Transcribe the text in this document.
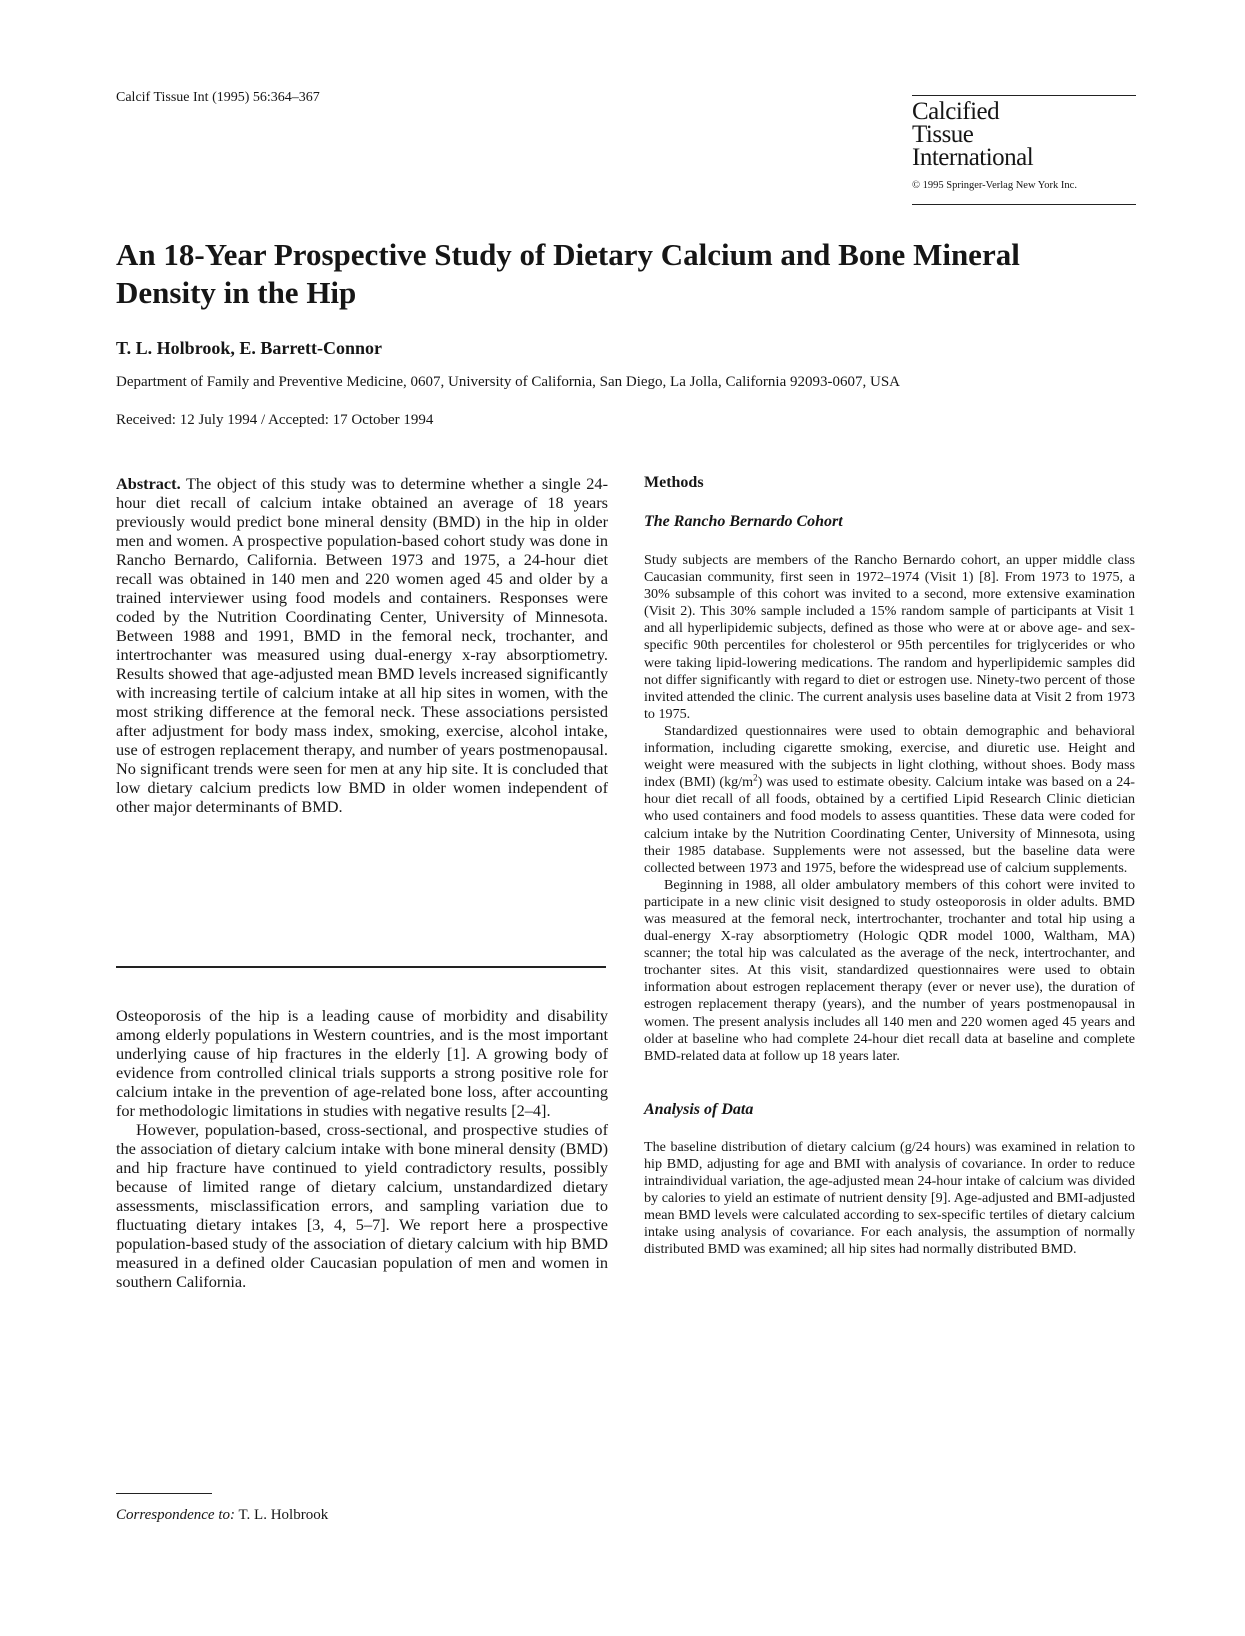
Calcif Tissue Int (1995) 56:364–367
Calcified
Tissue
International
© 1995 Springer-Verlag New York Inc.
An 18-Year Prospective Study of Dietary Calcium and Bone Mineral Density in the Hip
T. L. Holbrook, E. Barrett-Connor
Department of Family and Preventive Medicine, 0607, University of California, San Diego, La Jolla, California 92093-0607, USA
Received: 12 July 1994 / Accepted: 17 October 1994

Abstract. The object of this study was to determine whether a single 24-hour diet recall of calcium intake obtained an average of 18 years previously would predict bone mineral density (BMD) in the hip in older men and women. A prospective population-based cohort study was done in Rancho Bernardo, California. Between 1973 and 1975, a 24-hour diet recall was obtained in 140 men and 220 women aged 45 and older by a trained interviewer using food models and containers. Responses were coded by the Nutrition Coordinating Center, University of Minnesota. Between 1988 and 1991, BMD in the femoral neck, trochanter, and intertrochanter was measured using dual-energy x-ray absorptiometry. Results showed that age-adjusted mean BMD levels increased significantly with increasing tertile of calcium intake at all hip sites in women, with the most striking difference at the femoral neck. These associations persisted after adjustment for body mass index, smoking, exercise, alcohol intake, use of estrogen replacement therapy, and number of years postmenopausal. No significant trends were seen for men at any hip site. It is concluded that low dietary calcium predicts low BMD in older women independent of other major determinants of BMD.

Osteoporosis of the hip is a leading cause of morbidity and disability among elderly populations in Western countries, and is the most important underlying cause of hip fractures in the elderly [1]. A growing body of evidence from controlled clinical trials supports a strong positive role for calcium intake in the prevention of age-related bone loss, after accounting for methodologic limitations in studies with negative results [2–4].

However, population-based, cross-sectional, and prospective studies of the association of dietary calcium intake with bone mineral density (BMD) and hip fracture have continued to yield contradictory results, possibly because of limited range of dietary calcium, unstandardized dietary assessments, misclassification errors, and sampling variation due to fluctuating dietary intakes [3, 4, 5–7]. We report here a prospective population-based study of the association of dietary calcium with hip BMD measured in a defined older Caucasian population of men and women in southern California.

Correspondence to: T. L. Holbrook
Methods
The Rancho Bernardo Cohort

Study subjects are members of the Rancho Bernardo cohort, an upper middle class Caucasian community, first seen in 1972–1974 (Visit 1) [8]. From 1973 to 1975, a 30% subsample of this cohort was invited to a second, more extensive examination (Visit 2). This 30% sample included a 15% random sample of participants at Visit 1 and all hyperlipidemic subjects, defined as those who were at or above age- and sex-specific 90th percentiles for cholesterol or 95th percentiles for triglycerides or who were taking lipid-lowering medications. The random and hyperlipidemic samples did not differ significantly with regard to diet or estrogen use. Ninety-two percent of those invited attended the clinic. The current analysis uses baseline data at Visit 2 from 1973 to 1975.

Standardized questionnaires were used to obtain demographic and behavioral information, including cigarette smoking, exercise, and diuretic use. Height and weight were measured with the subjects in light clothing, without shoes. Body mass index (BMI) $(kg/m^2)$ was used to estimate obesity. Calcium intake was based on a 24-hour diet recall of all foods, obtained by a certified Lipid Research Clinic dietician who used containers and food models to assess quantities. These data were coded for calcium intake by the Nutrition Coordinating Center, University of Minnesota, using their 1985 database. Supplements were not assessed, but the baseline data were collected between 1973 and 1975, before the widespread use of calcium supplements.

Beginning in 1988, all older ambulatory members of this cohort were invited to participate in a new clinic visit designed to study osteoporosis in older adults. BMD was measured at the femoral neck, intertrochanter, trochanter and total hip using a dual-energy X-ray absorptiometry (Hologic QDR model 1000, Waltham, MA) scanner; the total hip was calculated as the average of the neck, intertrochanter, and trochanter sites. At this visit, standardized questionnaires were used to obtain information about estrogen replacement therapy (ever or never use), the duration of estrogen replacement therapy (years), and the number of years postmenopausal in women. The present analysis includes all 140 men and 220 women aged 45 years and older at baseline who had complete 24-hour diet recall data at baseline and complete BMD-related data at follow up 18 years later.

Analysis of Data

The baseline distribution of dietary calcium (g/24 hours) was examined in relation to hip BMD, adjusting for age and BMI with analysis of covariance. In order to reduce intraindividual variation, the age-adjusted mean 24-hour intake of calcium was divided by calories to yield an estimate of nutrient density [9]. Age-adjusted and BMI-adjusted mean BMD levels were calculated according to sex-specific tertiles of dietary calcium intake using analysis of covariance. For each analysis, the assumption of normally distributed BMD was examined; all hip sites had normally distributed BMD.
